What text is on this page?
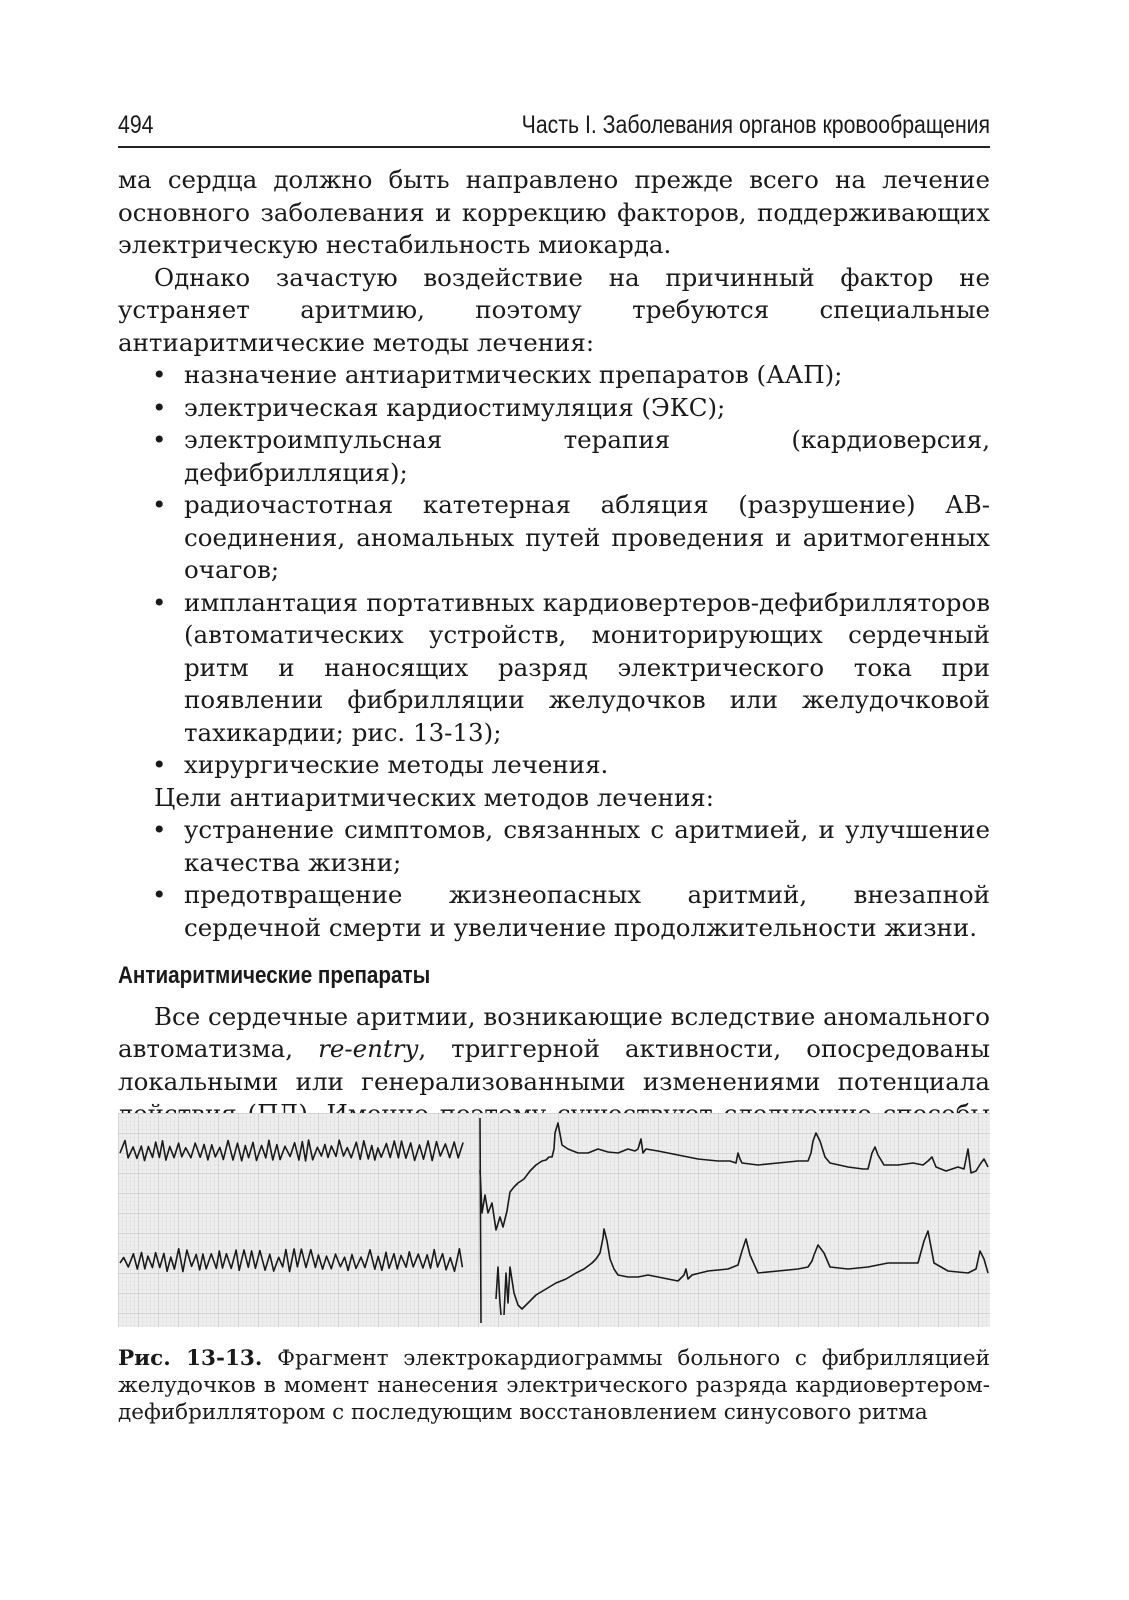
494	Часть I. Заболевания органов кровообращения

ма сердца должно быть направлено прежде всего на лечение основного заболевания и коррекцию факторов, поддерживающих электрическую нестабильность миокарда.

Однако зачастую воздействие на причинный фактор не устраняет аритмию, поэтому требуются специальные антиаритмические методы лечения:

• назначение антиаритмических препаратов (ААП);
• электрическая кардиостимуляция (ЭКС);
• электроимпульсная терапия (кардиоверсия, дефибрилляция);
• радиочастотная катетерная абляция (разрушение) АВ-соединения, аномальных путей проведения и аритмогенных очагов;
• имплантация портативных кардиовертеров-дефибрилляторов (автоматических устройств, мониторирующих сердечный ритм и наносящих разряд электрического тока при появлении фибрилляции желудочков или желудочковой тахикардии; рис. 13-13);
• хирургические методы лечения.

Цели антиаритмических методов лечения:

• устранение симптомов, связанных с аритмией, и улучшение качества жизни;
• предотвращение жизнеопасных аритмий, внезапной сердечной смерти и увеличение продолжительности жизни.
Антиаритмические препараты

Все сердечные аритмии, возникающие вследствие аномального автоматизма, re-entry, триггерной активности, опосредованы локальными или генерализованными изменениями потенциала

Рис. 13-13. Фрагмент электрокардиограммы больного с фибрилляцией желудочков в момент нанесения электрического разряда кардиовертером-дефибриллятором с последующим восстановлением синусового ритма
